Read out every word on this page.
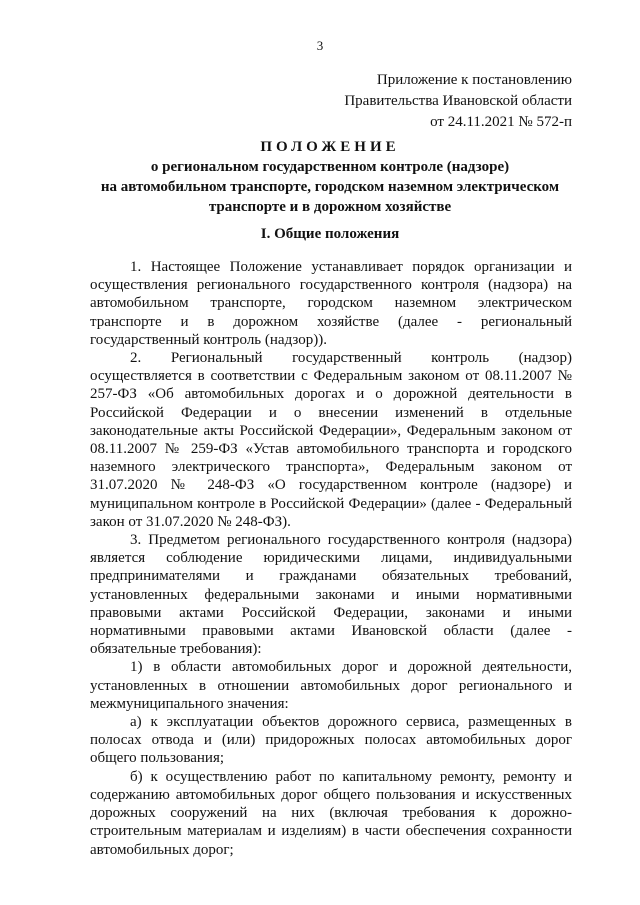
3
Приложение к постановлению
Правительства Ивановской области
от 24.11.2021 № 572-п
ПОЛОЖЕНИЕ
о региональном государственном контроле (надзоре)
на автомобильном транспорте, городском наземном электрическом
транспорте и в дорожном хозяйстве
I. Общие положения

1. Настоящее Положение устанавливает порядок организации и осуществления регионального государственного контроля (надзора) на автомобильном транспорте, городском наземном электрическом транспорте и в дорожном хозяйстве (далее - региональный государственный контроль (надзор)).

2. Региональный государственный контроль (надзор) осуществляется в соответствии с Федеральным законом от 08.11.2007 № 257-ФЗ «Об автомобильных дорогах и о дорожной деятельности в Российской Федерации и о внесении изменений в отдельные законодательные акты Российской Федерации», Федеральным законом от 08.11.2007 № 259-ФЗ «Устав автомобильного транспорта и городского наземного электрического транспорта», Федеральным законом от 31.07.2020 № 248-ФЗ «О государственном контроле (надзоре) и муниципальном контроле в Российской Федерации» (далее - Федеральный закон от 31.07.2020 № 248-ФЗ).

3. Предметом регионального государственного контроля (надзора) является соблюдение юридическими лицами, индивидуальными предпринимателями и гражданами обязательных требований, установленных федеральными законами и иными нормативными правовыми актами Российской Федерации, законами и иными нормативными правовыми актами Ивановской области (далее - обязательные требования):

1) в области автомобильных дорог и дорожной деятельности, установленных в отношении автомобильных дорог регионального и межмуниципального значения:

а) к эксплуатации объектов дорожного сервиса, размещенных в полосах отвода и (или) придорожных полосах автомобильных дорог общего пользования;

б) к осуществлению работ по капитальному ремонту, ремонту и содержанию автомобильных дорог общего пользования и искусственных дорожных сооружений на них (включая требования к дорожно-строительным материалам и изделиям) в части обеспечения сохранности автомобильных дорог;
